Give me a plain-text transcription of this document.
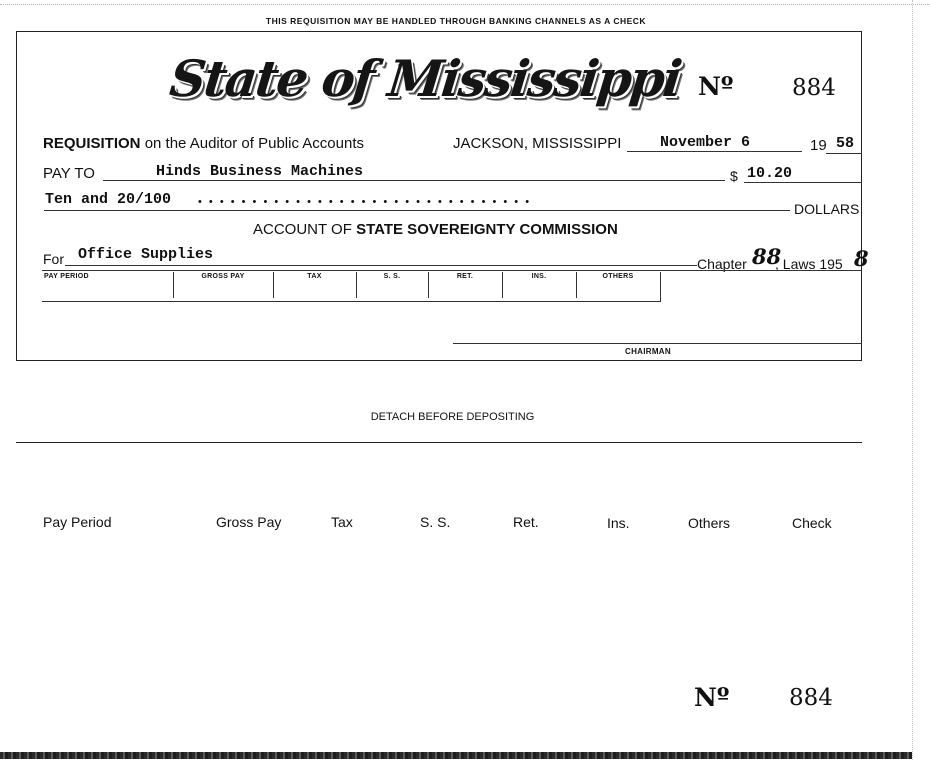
THIS REQUISITION MAY BE HANDLED THROUGH BANKING CHANNELS AS A CHECK
State of Mississippi Nº	884
REQUISITION on the Auditor of Public Accounts	JACKSON, MISSISSIPPI	November 6	19 58
PAY TO	Hinds Business Machines	$ 10.20
Ten and 20/100 • • • • • • • • • • • • • • • • • • • • • • • • • • • • • • •	DOLLARS
ACCOUNT OF STATE SOVEREIGNTY COMMISSION
For Office Supplies
Chapter 88
, Laws 195 8
PAY PERIOD	GROSS PAY	TAX	S. S.	RET.	INS.	OTHERS
CHAIRMAN
DETACH BEFORE DEPOSITING
Pay Period	Gross Pay	Tax	S. S.	Ret.	Ins.	Others	Check
Nº	884
